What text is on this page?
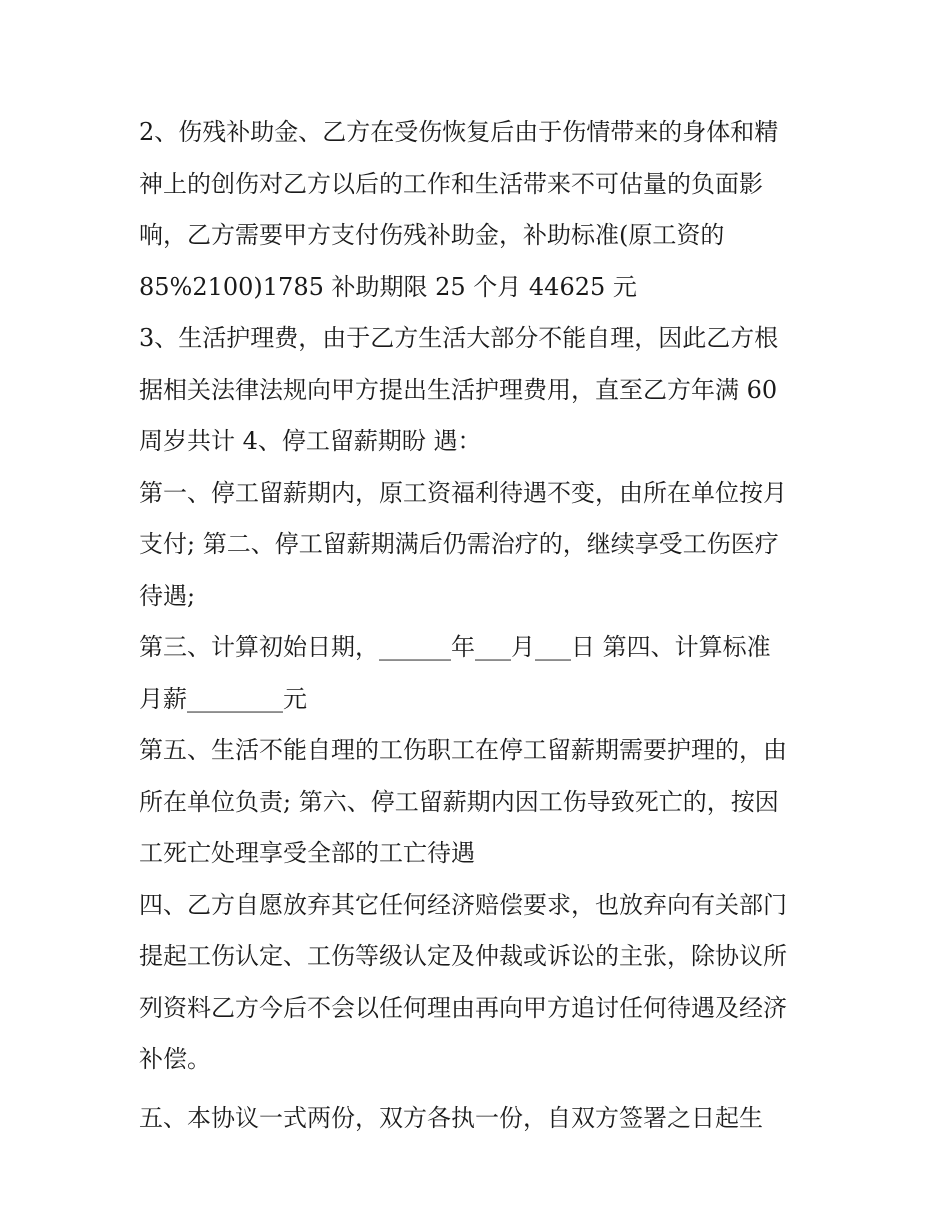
2、伤残补助金、乙方在受伤恢复后由于伤情带来的身体和精
神上的创伤对乙方以后的工作和生活带来不可估量的负面影
响，乙方需要甲方支付伤残补助金，补助标准(原工资的
85%2100)1785 补助期限 25 个月 44625 元
3、生活护理费，由于乙方生活大部分不能自理，因此乙方根
据相关法律法规向甲方提出生活护理费用，直至乙方年满 60
周岁共计 4、停工留薪期盼 遇：
第一、停工留薪期内，原工资福利待遇不变，由所在单位按月
支付; 第二、停工留薪期满后仍需治疗的，继续享受工伤医疗
待遇;
第三、计算初始日期，______年___月___日 第四、计算标准
月薪________元
第五、生活不能自理的工伤职工在停工留薪期需要护理的，由
所在单位负责; 第六、停工留薪期内因工伤导致死亡的，按因
工死亡处理享受全部的工亡待遇
四、乙方自愿放弃其它任何经济赔偿要求，也放弃向有关部门
提起工伤认定、工伤等级认定及仲裁或诉讼的主张，除协议所
列资料乙方今后不会以任何理由再向甲方追讨任何待遇及经济
补偿。
五、本协议一式两份，双方各执一份，自双方签署之日起生
